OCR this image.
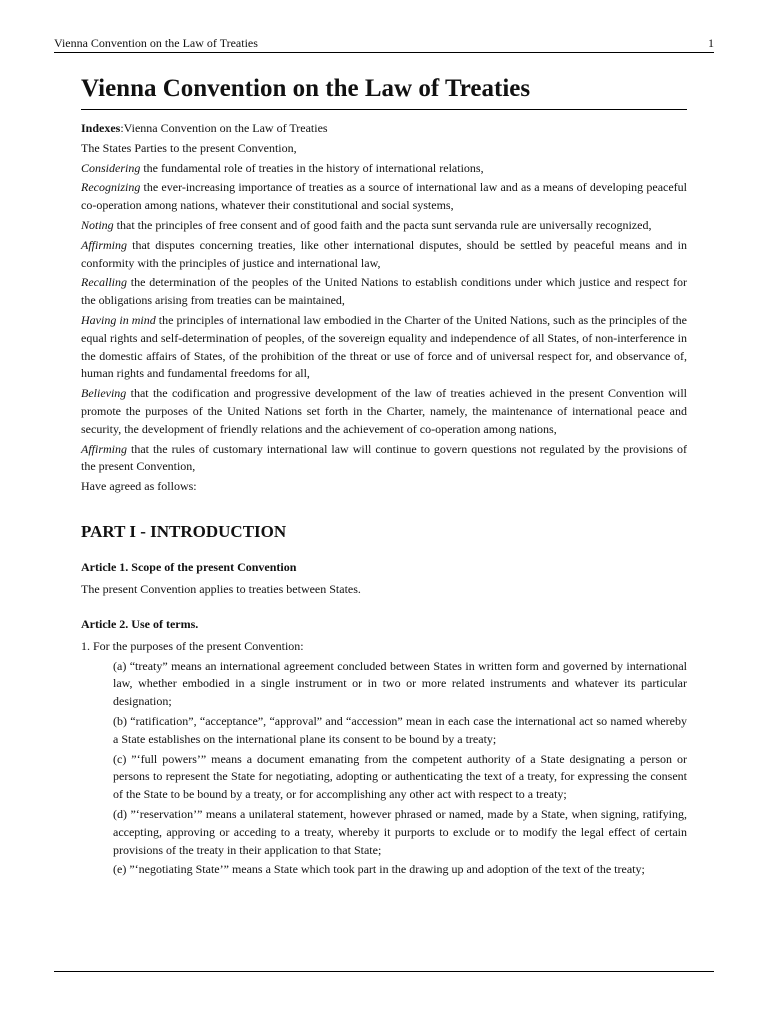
Vienna Convention on the Law of Treaties	1
Vienna Convention on the Law of Treaties

Indexes:Vienna Convention on the Law of Treaties

The States Parties to the present Convention,

Considering the fundamental role of treaties in the history of international relations,

Recognizing the ever-increasing importance of treaties as a source of international law and as a means of developing peaceful co-operation among nations, whatever their constitutional and social systems,

Noting that the principles of free consent and of good faith and the pacta sunt servanda rule are universally recognized,

Affirming that disputes concerning treaties, like other international disputes, should be settled by peaceful means and in conformity with the principles of justice and international law,

Recalling the determination of the peoples of the United Nations to establish conditions under which justice and respect for the obligations arising from treaties can be maintained,

Having in mind the principles of international law embodied in the Charter of the United Nations, such as the principles of the equal rights and self-determination of peoples, of the sovereign equality and independence of all States, of non-interference in the domestic affairs of States, of the prohibition of the threat or use of force and of universal respect for, and observance of, human rights and fundamental freedoms for all,

Believing that the codification and progressive development of the law of treaties achieved in the present Convention will promote the purposes of the United Nations set forth in the Charter, namely, the maintenance of international peace and security, the development of friendly relations and the achievement of co-operation among nations,

Affirming that the rules of customary international law will continue to govern questions not regulated by the provisions of the present Convention,

Have agreed as follows:

PART I - INTRODUCTION
Article 1. Scope of the present Convention

The present Convention applies to treaties between States.

Article 2. Use of terms.

1. For the purposes of the present Convention:

(a) “treaty” means an international agreement concluded between States in written form and governed by international law, whether embodied in a single instrument or in two or more related instruments and whatever its particular designation;

(b) “ratification”, “acceptance”, “approval” and “accession” mean in each case the international act so named whereby a State establishes on the international plane its consent to be bound by a treaty;

(c) ”‘full powers’” means a document emanating from the competent authority of a State designating a person or persons to represent the State for negotiating, adopting or authenticating the text of a treaty, for expressing the consent of the State to be bound by a treaty, or for accomplishing any other act with respect to a treaty;

(d) ”‘reservation’” means a unilateral statement, however phrased or named, made by a State, when signing, ratifying, accepting, approving or acceding to a treaty, whereby it purports to exclude or to modify the legal effect of certain provisions of the treaty in their application to that State;

(e) ”‘negotiating State’” means a State which took part in the drawing up and adoption of the text of the treaty;
